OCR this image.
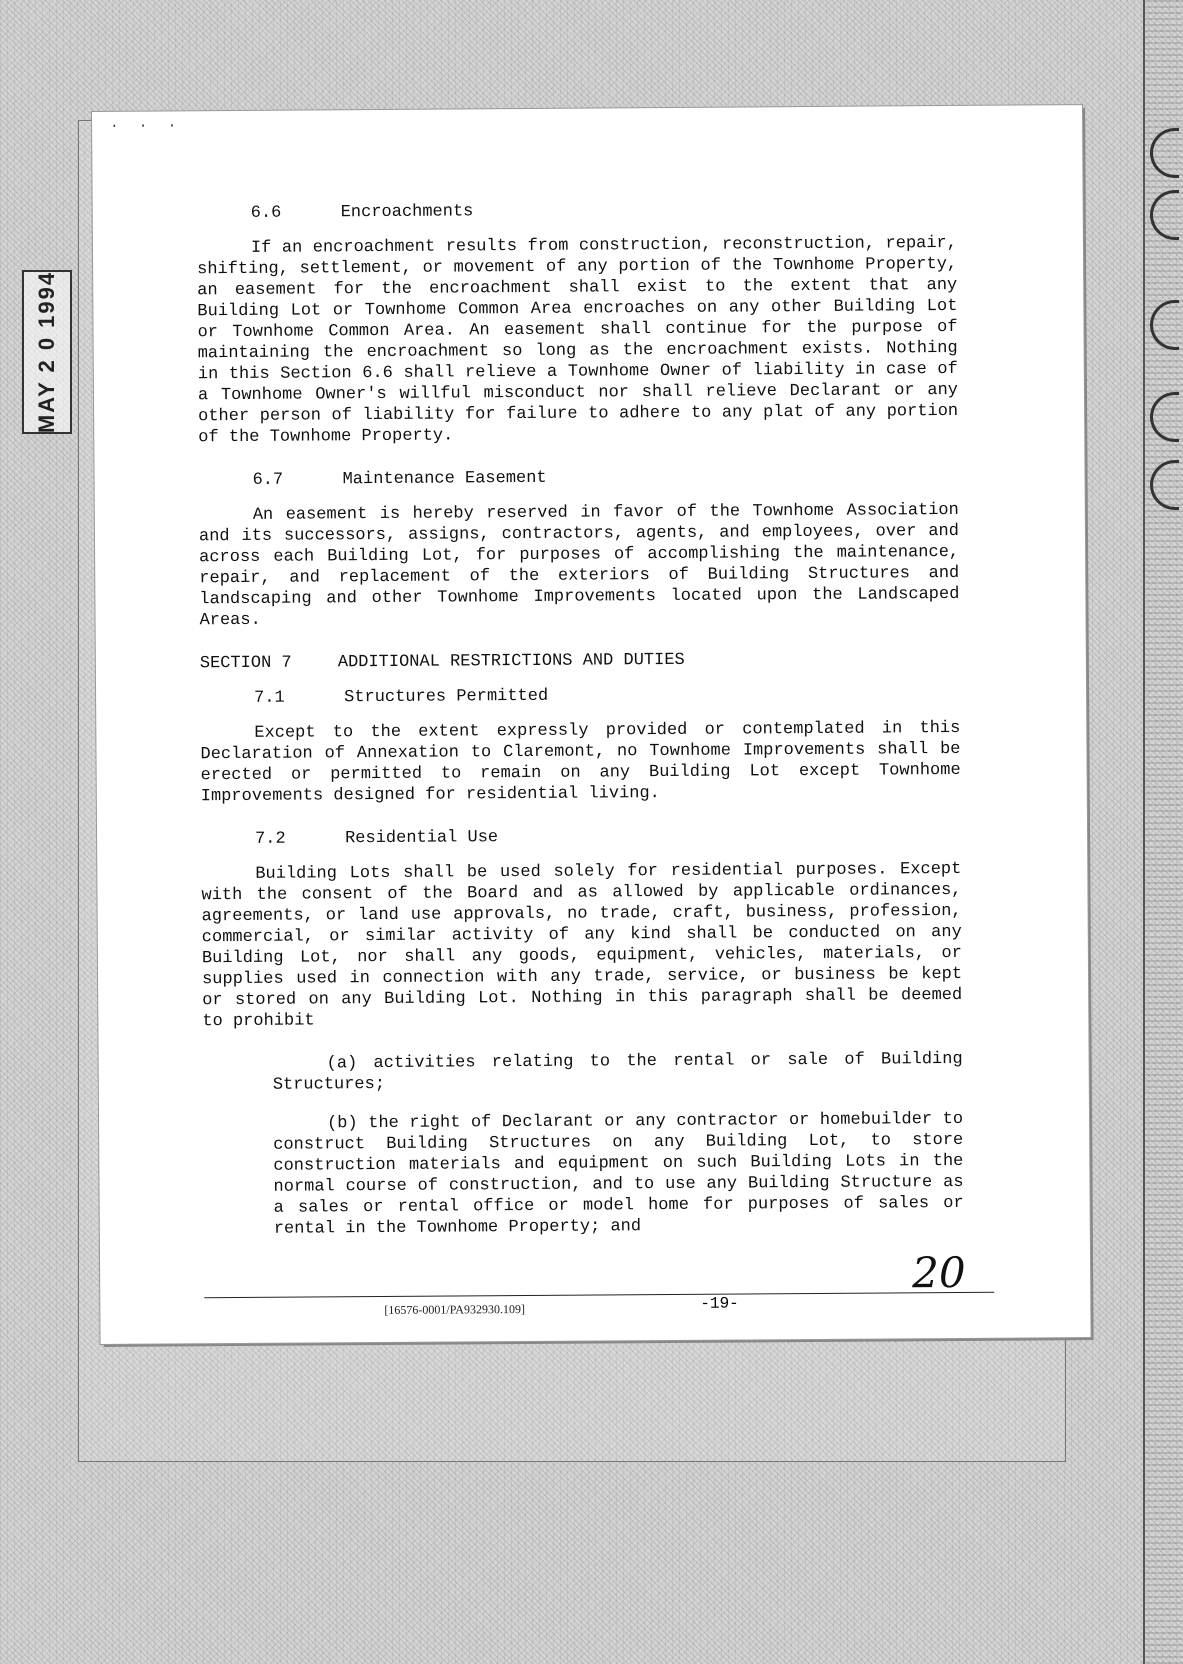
MAY 2 0 1994
. . .
6.6	Encroachments

If an encroachment results from construction, reconstruction, repair, shifting, settlement, or movement of any portion of the Townhome Property, an easement for the encroachment shall exist to the extent that any Building Lot or Townhome Common Area encroaches on any other Building Lot or Townhome Common Area. An easement shall continue for the purpose of maintaining the encroachment so long as the encroachment exists. Nothing in this Section 6.6 shall relieve a Townhome Owner of liability in case of a Townhome Owner's willful misconduct nor shall relieve Declarant or any other person of liability for failure to adhere to any plat of any portion of the Townhome Property.

6.7	Maintenance Easement

An easement is hereby reserved in favor of the Townhome Association and its successors, assigns, contractors, agents, and employees, over and across each Building Lot, for purposes of accomplishing the maintenance, repair, and replacement of the exteriors of Building Structures and landscaping and other Townhome Improvements located upon the Landscaped Areas.

SECTION 7	ADDITIONAL RESTRICTIONS AND DUTIES
7.1	Structures Permitted

Except to the extent expressly provided or contemplated in this Declaration of Annexation to Claremont, no Townhome Improvements shall be erected or permitted to remain on any Building Lot except Townhome Improvements designed for residential living.

7.2	Residential Use

Building Lots shall be used solely for residential purposes. Except with the consent of the Board and as allowed by applicable ordinances, agreements, or land use approvals, no trade, craft, business, profession, commercial, or similar activity of any kind shall be conducted on any Building Lot, nor shall any goods, equipment, vehicles, materials, or supplies used in connection with any trade, service, or business be kept or stored on any Building Lot. Nothing in this paragraph shall be deemed to prohibit

(a) activities relating to the rental or sale of Building Structures;

(b) the right of Declarant or any contractor or homebuilder to construct Building Structures on any Building Lot, to store construction materials and equipment on such Building Lots in the normal course of construction, and to use any Building Structure as a sales or rental office or model home for purposes of sales or rental in the Townhome Property; and

[16576-0001/PA932930.109]	-19-
20
